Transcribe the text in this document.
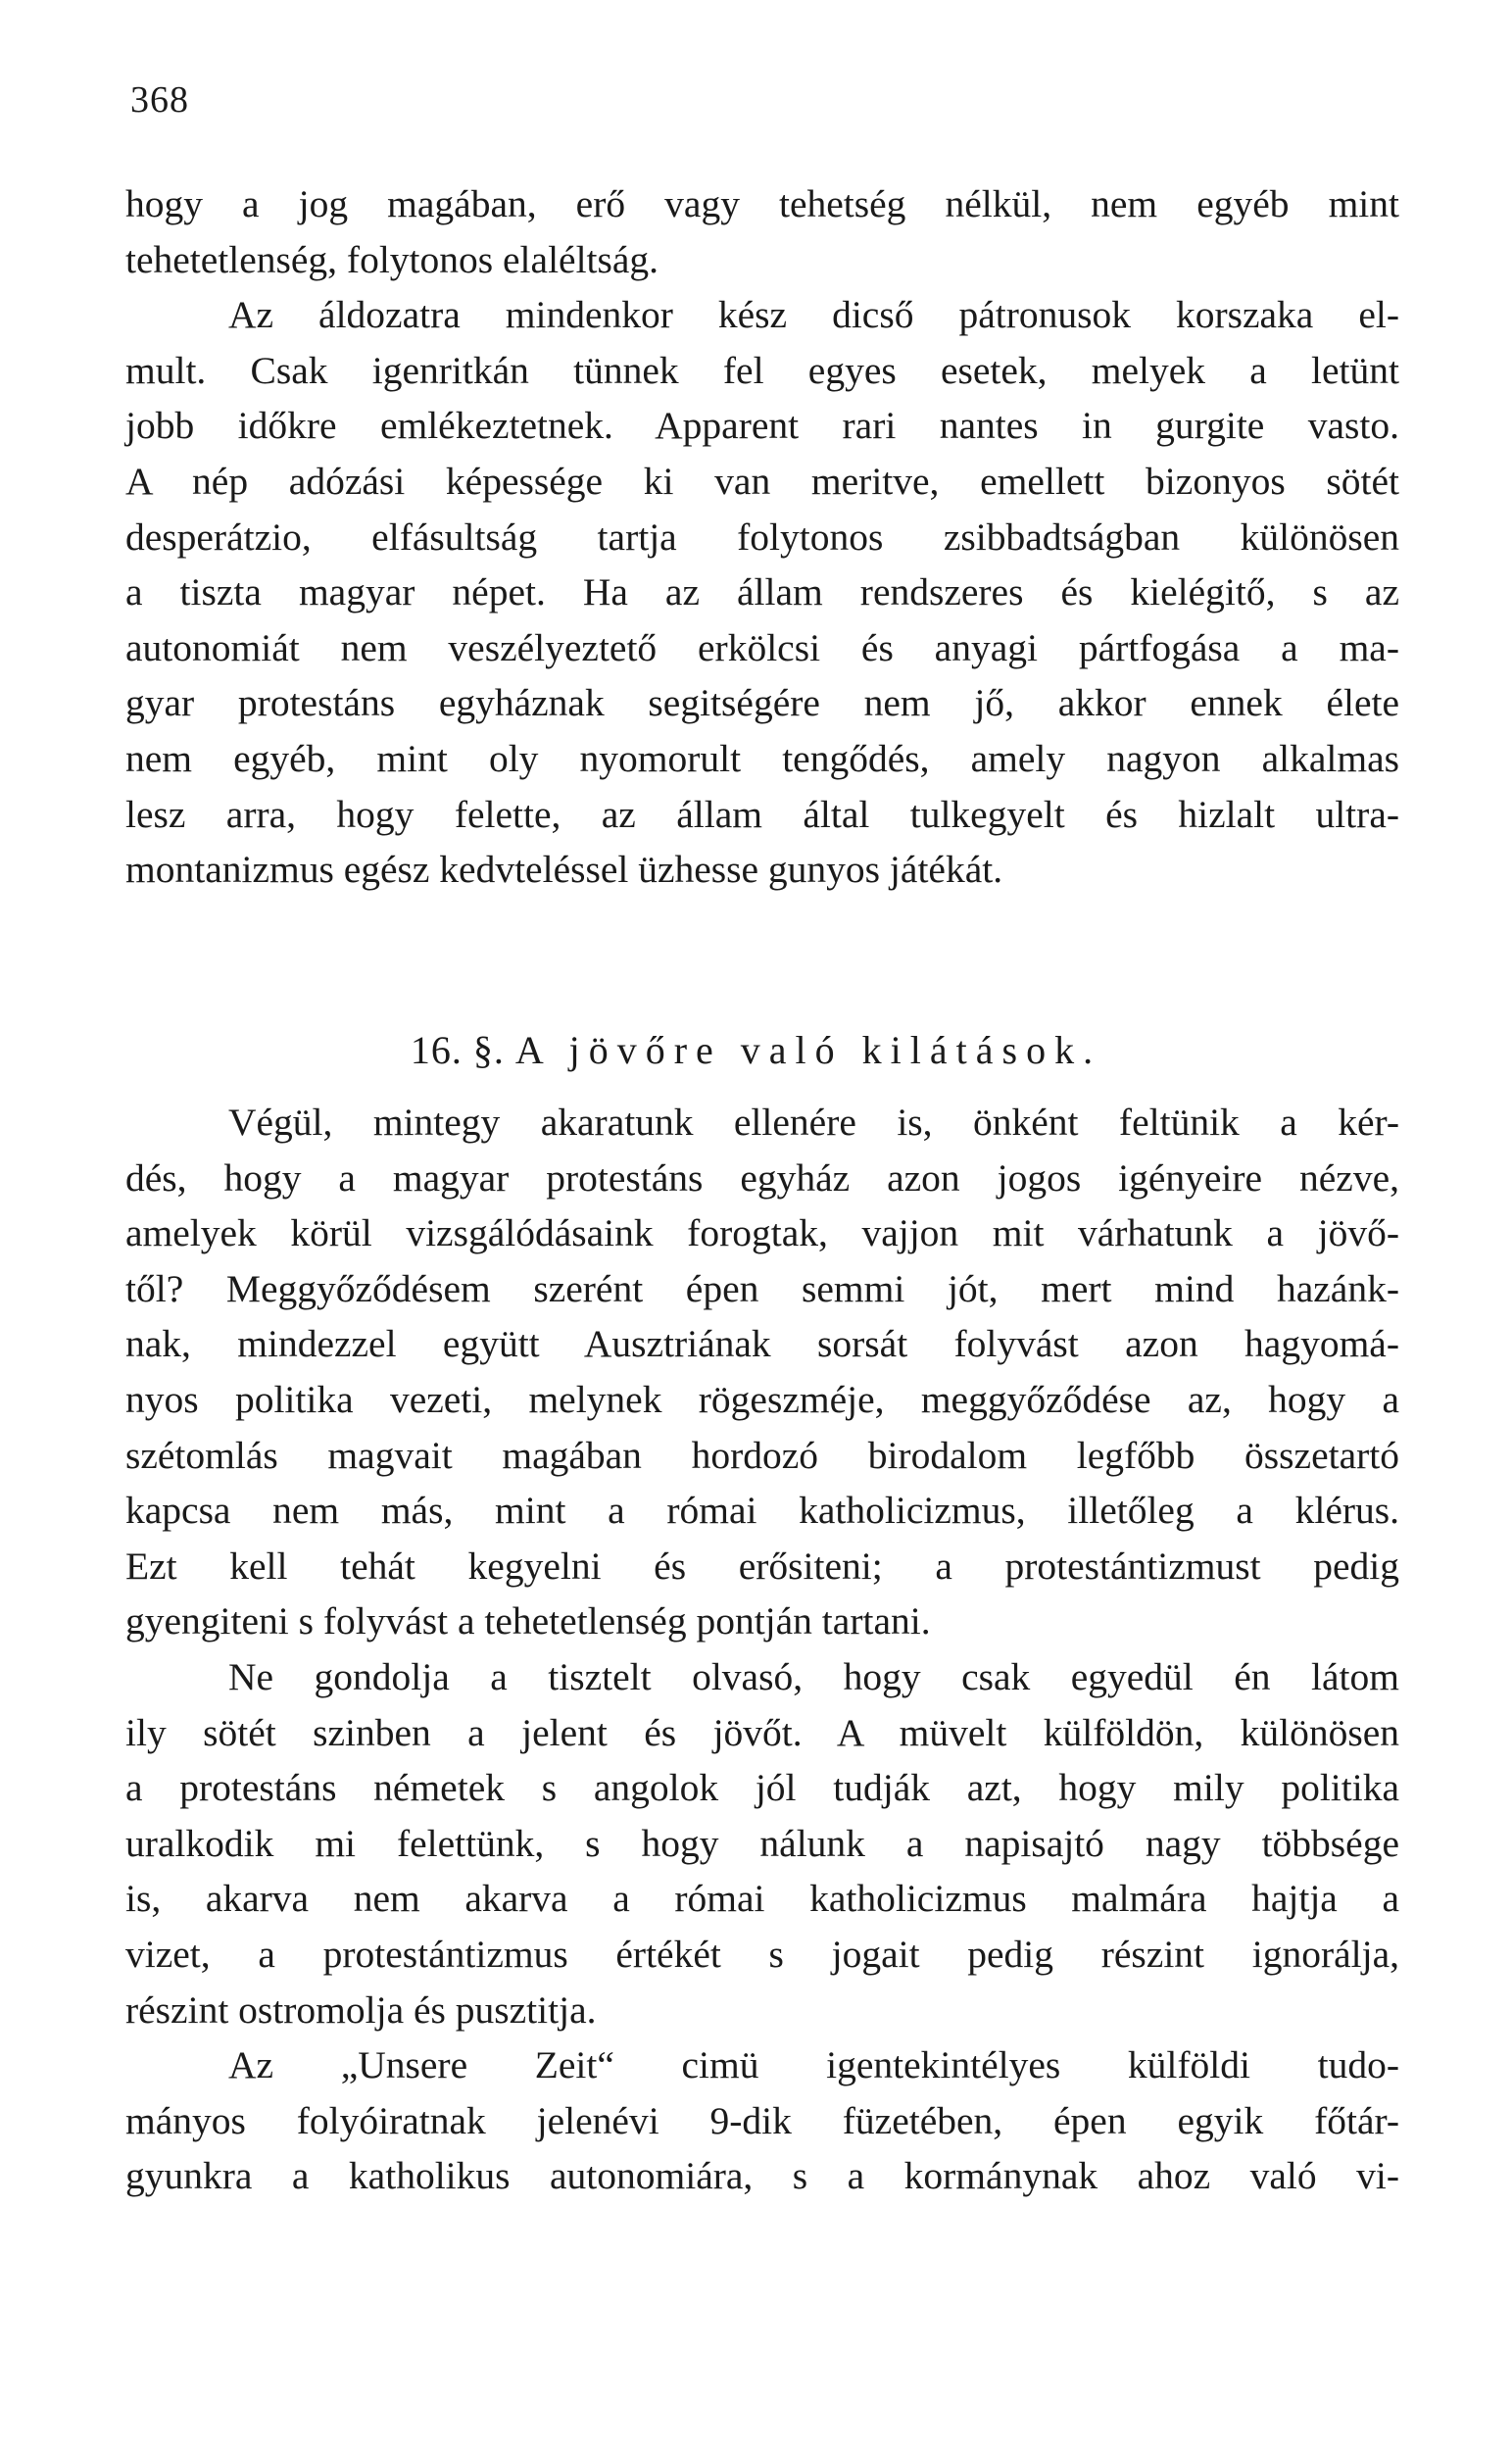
368
hogy a jog magában, erő vagy tehetség nélkül, nem egyéb mint
tehetetlenség, folytonos elaléltság.
Az áldozatra mindenkor kész dicső pátronusok korszaka el-
mult. Csak igenritkán tünnek fel egyes esetek, melyek a letünt
jobb időkre emlékeztetnek. Apparent rari nantes in gurgite vasto.
A nép adózási képessége ki van meritve, emellett bizonyos sötét
desperátzio, elfásultság tartja folytonos zsibbadtságban különösen
a tiszta magyar népet. Ha az állam rendszeres és kielégitő, s az
autonomiát nem veszélyeztető erkölcsi és anyagi pártfogása a ma-
gyar protestáns egyháznak segitségére nem jő, akkor ennek élete
nem egyéb, mint oly nyomorult tengődés, amely nagyon alkalmas
lesz arra, hogy felette, az állam által tulkegyelt és hizlalt ultra-
montanizmus egész kedvteléssel üzhesse gunyos játékát.
16. §. A jövőre való kilátások.
Végül, mintegy akaratunk ellenére is, önként feltünik a kér-
dés, hogy a magyar protestáns egyház azon jogos igényeire nézve,
amelyek körül vizsgálódásaink forogtak, vajjon mit várhatunk a jövő-
től? Meggyőződésem szerént épen semmi jót, mert mind hazánk-
nak, mindezzel együtt Ausztriának sorsát folyvást azon hagyomá-
nyos politika vezeti, melynek rögeszméje, meggyőződése az, hogy a
szétomlás magvait magában hordozó birodalom legfőbb összetartó
kapcsa nem más, mint a római katholicizmus, illetőleg a klérus.
Ezt kell tehát kegyelni és erősiteni; a protestántizmust pedig
gyengiteni s folyvást a tehetetlenség pontján tartani.
Ne gondolja a tisztelt olvasó, hogy csak egyedül én látom
ily sötét szinben a jelent és jövőt. A müvelt külföldön, különösen
a protestáns németek s angolok jól tudják azt, hogy mily politika
uralkodik mi felettünk, s hogy nálunk a napisajtó nagy többsége
is, akarva nem akarva a római katholicizmus malmára hajtja a
vizet, a protestántizmus értékét s jogait pedig részint ignorálja,
részint ostromolja és pusztitja.
Az „Unsere Zeit“ cimü igentekintélyes külföldi tudo-
mányos folyóiratnak jelenévi 9-dik füzetében, épen egyik főtár-
gyunkra a katholikus autonomiára, s a kormánynak ahoz való vi-
